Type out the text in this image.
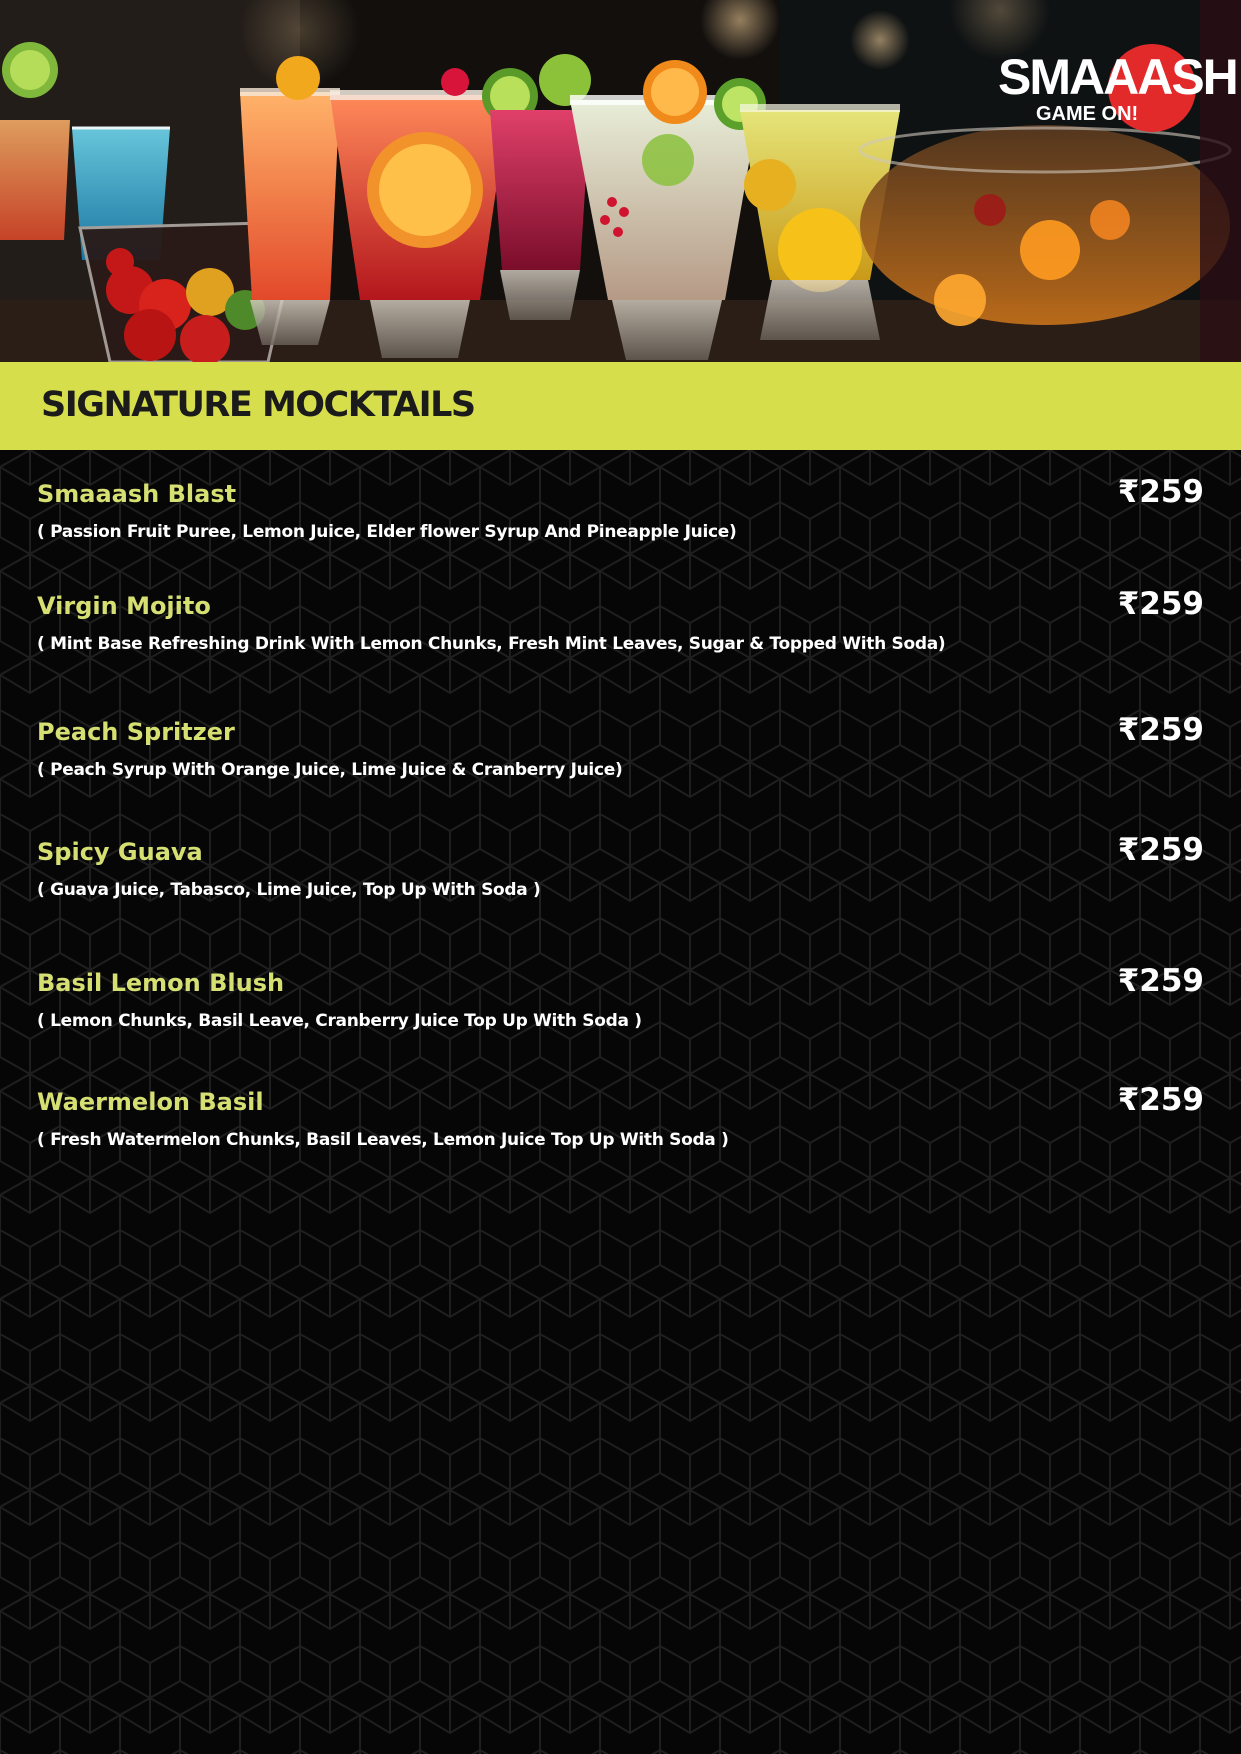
SMAAASH
GAME ON!
SIGNATURE MOCKTAILS
Smaaash Blast
( Passion Fruit Puree, Lemon Juice, Elder flower Syrup And Pineapple Juice)
₹259
Virgin Mojito
( Mint Base Refreshing Drink With Lemon Chunks, Fresh Mint Leaves, Sugar & Topped With Soda)
₹259
Peach Spritzer
( Peach Syrup With Orange Juice, Lime Juice & Cranberry Juice)
₹259
Spicy Guava
( Guava Juice, Tabasco, Lime Juice, Top Up With Soda )
₹259
Basil Lemon Blush
( Lemon Chunks, Basil Leave, Cranberry Juice Top Up With Soda )
₹259
Waermelon Basil
( Fresh Watermelon Chunks, Basil Leaves, Lemon Juice Top Up With Soda )
₹259
